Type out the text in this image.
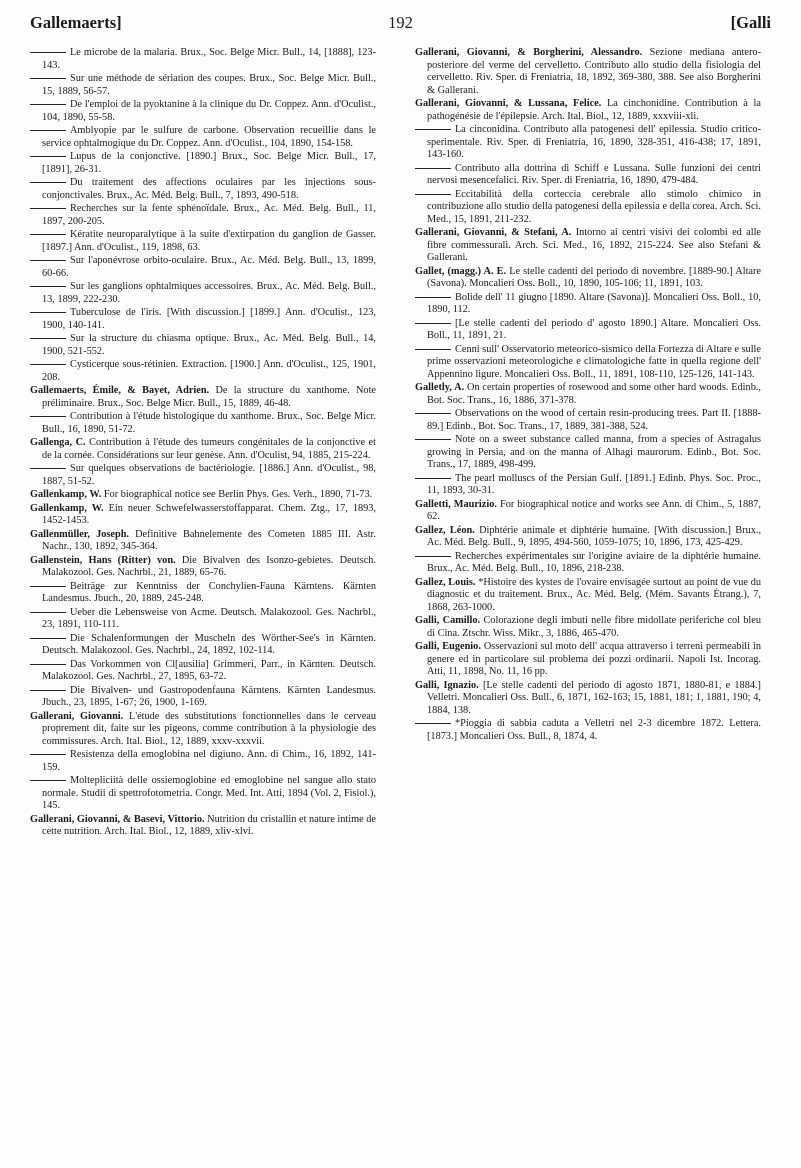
Gallemaerts]	192	[Galli

Le microbe de la malaria. Brux., Soc. Belge Micr. Bull., 14, [1888], 123-143.

Sur une méthode de sériation des coupes. Brux., Soc. Belge Micr. Bull., 15, 1889, 56-57.

De l'emploi de la pyoktanine à la clinique du Dr. Coppez. Ann. d'Oculist., 104, 1890, 55-58.

Amblyopie par le sulfure de carbone. Observation recueillie dans le service ophtalmogique du Dr. Coppez. Ann. d'Oculist., 104, 1890, 154-158.

Lupus de la conjonctive. [1890.] Brux., Soc. Belge Micr. Bull., 17, [1891], 26-31.

Du traitement des affections oculaires par les injections sous-conjonctivales. Brux., Ac. Méd. Belg. Bull., 7, 1893, 490-518.

Recherches sur la fente sphénoïdale. Brux., Ac. Méd. Belg. Bull., 11, 1897, 200-205.

Kératite neuroparalytique à la suite d'extirpation du ganglion de Gasser. [1897.] Ann. d'Oculist., 119, 1898, 63.

Sur l'aponévrose orbito-oculaire. Brux., Ac. Méd. Belg. Bull., 13, 1899, 60-66.

Sur les ganglions ophtalmiques accessoires. Brux., Ac. Méd. Belg. Bull., 13, 1899, 222-230.

Tuberculose de l'iris. [With discussion.] [1899.] Ann. d'Oculist., 123, 1900, 140-141.

Sur la structure du chiasma optique. Brux., Ac. Méd. Belg. Bull., 14, 1900, 521-552.

Cysticerque sous-rétinien. Extraction. [1900.] Ann. d'Oculist., 125, 1901, 208.

Gallemaerts, Émile, & Bayet, Adrien. De la structure du xanthome. Note préliminaire. Brux., Soc. Belge Micr. Bull., 15, 1889, 46-48.

Contribution à l'étude histologique du xanthome. Brux., Soc. Belge Micr. Bull., 16, 1890, 51-72.

Gallenga, C. Contribution à l'étude des tumeurs congénitales de la conjonctive et de la cornée. Considérations sur leur genèse. Ann. d'Oculist, 94, 1885, 215-224.

Sur quelques observations de bactériologie. [1886.] Ann. d'Oculist., 98, 1887, 51-52.

Gallenkamp, W. For biographical notice see Berlin Phys. Ges. Verh., 1890, 71-73.

Gallenkamp, W. Ein neuer Schwefelwasserstoffapparat. Chem. Ztg., 17, 1893, 1452-1453.

Gallenmüller, Joseph. Definitive Bahnelemente des Cometen 1885 III. Astr. Nachr., 130, 1892, 345-364.

Gallenstein, Hans (Ritter) von. Die Bivalven des Isonzo-gebietes. Deutsch. Malakozool. Ges. Nachrbl., 21, 1889, 65-76.

Beiträge zur Kenntniss der Conchylien-Fauna Kärntens. Kärnten Landesmus. Jbuch., 20, 1889, 245-248.

Ueber die Lebensweise von Acme. Deutsch. Malakozool. Ges. Nachrbl., 23, 1891, 110-111.

Die Schalenformungen der Muscheln des Wörther-See's in Kärnten. Deutsch. Malakozool. Ges. Nachrbl., 24, 1892, 102-114.

Das Vorkommen von Cl[ausilia] Grimmeri, Parr., in Kärnten. Deutsch. Malakozool. Ges. Nachrbl., 27, 1895, 63-72.

Die Bivalven- und Gastropodenfauna Kärntens. Kärnten Landesmus. Jbuch., 23, 1895, 1-67; 26, 1900, 1-169.

Gallerani, Giovanni. L'étude des substitutions fonctionnelles dans le cerveau proprement dit, faite sur les pigeons, comme contribution à la physiologie des commissures. Arch. Ital. Biol., 12, 1889, xxxv-xxxvii.

Resistenza della emoglobina nel digiuno. Ann. di Chim., 16, 1892, 141-159.

Moltepliciità delle ossiemoglobine ed emoglobine nel sangue allo stato normale. Studii di spettrofotometria. Congr. Med. Int. Atti, 1894 (Vol. 2, Fisiol.), 145.

Gallerani, Giovanni, & Basevi, Vittorio. Nutrition du cristallin et nature intime de cette nutrition. Arch. Ital. Biol., 12, 1889, xliv-xlvi.

Gallerani, Giovanni, & Borgherini, Alessandro. Sezione mediana antero-posteriore del verme del cervelletto. Contributo allo studio della fisiologia del cervelletto. Riv. Sper. di Freniatria, 18, 1892, 369-380, 388. See also Borgherini & Gallerani.

Gallerani, Giovanni, & Lussana, Felice. La cinchonidine. Contribution à la pathogénésie de l'épilepsie. Arch. Ital. Biol., 12, 1889, xxxviii-xli.

La cinconidina. Contributo alla patogenesi dell' epilessia. Studio critico-sperimentale. Riv. Sper. di Freniatria, 16, 1890, 328-351, 416-438; 17, 1891, 143-160.

Contributo alla dottrina di Schiff e Lussana. Sulle funzioni dei centri nervosi mesencefalici. Riv. Sper. di Freniatria, 16, 1890, 479-484.

Eccitabilità della corteccia cerebrale allo stimolo chimico in contribuzione allo studio della patogenesi della epilessia e della corea. Arch. Sci. Med., 15, 1891, 211-232.

Gallerani, Giovanni, & Stefani, A. Intorno ai centri visivi dei colombi ed alle fibre commessurali. Arch. Sci. Med., 16, 1892, 215-224. See also Stefani & Gallerani.

Gallet, (magg.) A. E. Le stelle cadenti del periodo di novembre. [1889-90.] Altare (Savona). Moncalieri Oss. Boll., 10, 1890, 105-106; 11, 1891, 103.

Bolide dell' 11 giugno [1890. Altare (Savona)]. Moncalieri Oss. Boll., 10, 1890, 112.

[Le stelle cadenti del periodo d' agosto 1890.] Altare. Moncalieri Oss. Boll., 11, 1891, 21.

Cenni sull' Osservatorio meteorico-sismico della Fortezza di Altare e sulle prime osservazioni meteorologiche e climatologiche fatte in quella regione dell' Appennino ligure. Moncalieri Oss. Boll., 11, 1891, 108-110, 125-126, 141-143.

Galletly, A. On certain properties of rosewood and some other hard woods. Edinb., Bot. Soc. Trans., 16, 1886, 371-378.

Observations on the wood of certain resin-producing trees. Part II. [1888-89.] Edinb., Bot. Soc. Trans., 17, 1889, 381-388, 524.

Note on a sweet substance called manna, from a species of Astragalus growing in Persia, and on the manna of Alhagi maurorum. Edinb., Bot. Soc. Trans., 17, 1889, 498-499.

The pearl molluscs of the Persian Gulf. [1891.] Edinb. Phys. Soc. Proc., 11, 1893, 30-31.

Galletti, Maurizio. For biographical notice and works see Ann. di Chim., 5, 1887, 62.

Gallez, Léon. Diphtérie animale et diphtérie humaine. [With discussion.] Brux., Ac. Méd. Belg. Bull., 9, 1895, 494-560, 1059-1075; 10, 1896, 173, 425-429.

Recherches expérimentales sur l'origine aviaire de la diphtérie humaine. Brux., Ac. Méd. Belg. Bull., 10, 1896, 218-238.

Gallez, Louis. *Histoire des kystes de l'ovaire envisagée surtout au point de vue du diagnostic et du traitement. Brux., Ac. Méd. Belg. (Mém. Savants Étrang.), 7, 1868, 263-1000.

Galli, Camillo. Colorazione degli imbuti nelle fibre midollate periferiche col bleu di Cina. Ztschr. Wiss. Mikr., 3, 1886, 465-470.

Galli, Eugenio. Osservazioni sul moto dell' acqua attraverso i terreni permeabili in genere ed in particolare sul problema dei pozzi ordinarii. Napoli Ist. Incorag. Atti, 11, 1898, No. 11, 16 pp.

Galli, Ignazio. [Le stelle cadenti del periodo di agosto 1871, 1880-81, e 1884.] Velletri. Moncalieri Oss. Bull., 6, 1871, 162-163; 15, 1881, 181; 1, 1881, 190; 4, 1884, 138.

*Pioggia di sabbia caduta a Velletri nel 2-3 dicembre 1872. Lettera. [1873.] Moncalieri Oss. Bull., 8, 1874, 4.
